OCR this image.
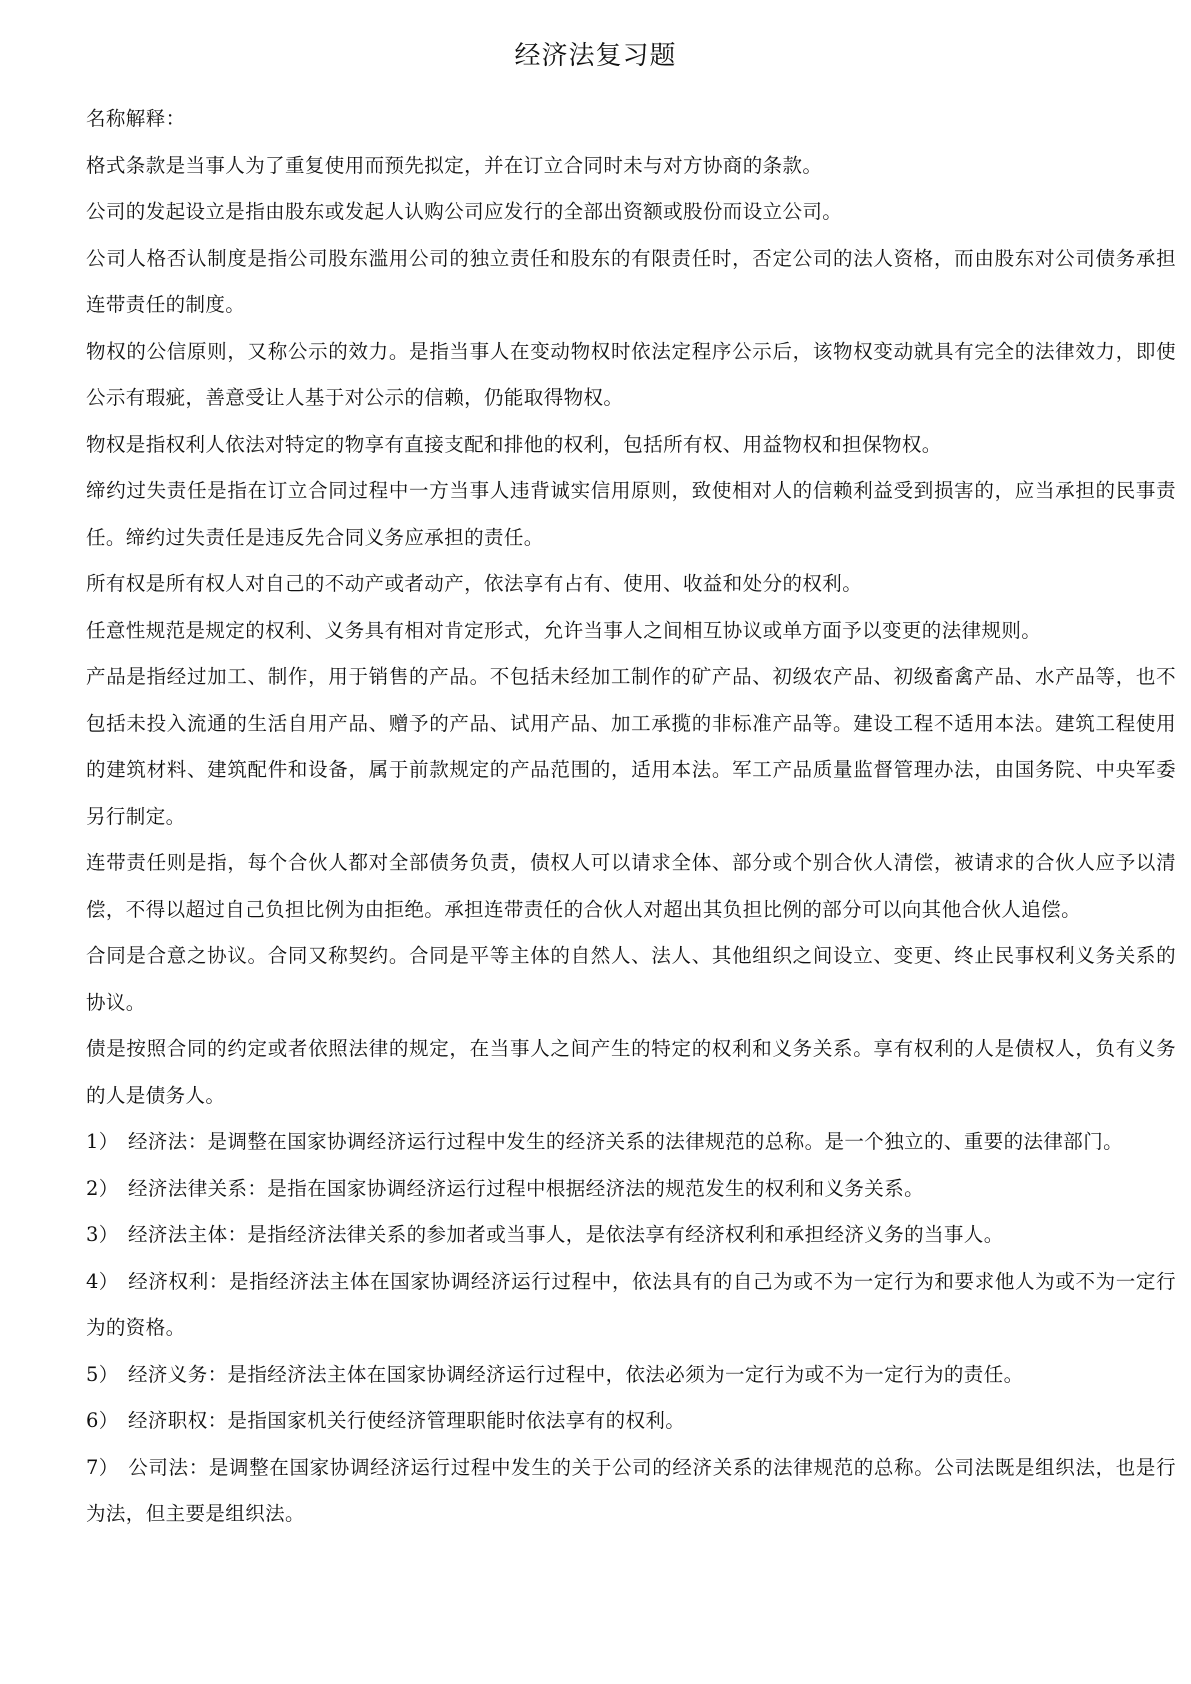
经济法复习题

名称解释：

格式条款是当事人为了重复使用而预先拟定，并在订立合同时未与对方协商的条款。

公司的发起设立是指由股东或发起人认购公司应发行的全部出资额或股份而设立公司。

公司人格否认制度是指公司股东滥用公司的独立责任和股东的有限责任时，否定公司的法人资格，而由股东对公司债务承担连带责任的制度。

物权的公信原则，又称公示的效力。是指当事人在变动物权时依法定程序公示后，该物权变动就具有完全的法律效力，即使公示有瑕疵，善意受让人基于对公示的信赖，仍能取得物权。

物权是指权利人依法对特定的物享有直接支配和排他的权利，包括所有权、用益物权和担保物权。

缔约过失责任是指在订立合同过程中一方当事人违背诚实信用原则，致使相对人的信赖利益受到损害的，应当承担的民事责任。缔约过失责任是违反先合同义务应承担的责任。

所有权是所有权人对自己的不动产或者动产，依法享有占有、使用、收益和处分的权利。

任意性规范是规定的权利、义务具有相对肯定形式，允许当事人之间相互协议或单方面予以变更的法律规则。

产品是指经过加工、制作，用于销售的产品。不包括未经加工制作的矿产品、初级农产品、初级畜禽产品、水产品等，也不包括未投入流通的生活自用产品、赠予的产品、试用产品、加工承揽的非标准产品等。建设工程不适用本法。建筑工程使用的建筑材料、建筑配件和设备，属于前款规定的产品范围的，适用本法。军工产品质量监督管理办法，由国务院、中央军委另行制定。

连带责任则是指，每个合伙人都对全部债务负责，债权人可以请求全体、部分或个别合伙人清偿，被请求的合伙人应予以清偿，不得以超过自己负担比例为由拒绝。承担连带责任的合伙人对超出其负担比例的部分可以向其他合伙人追偿。

合同是合意之协议。合同又称契约。合同是平等主体的自然人、法人、其他组织之间设立、变更、终止民事权利义务关系的协议。

债是按照合同的约定或者依照法律的规定，在当事人之间产生的特定的权利和义务关系。享有权利的人是债权人，负有义务的人是债务人。

1） 经济法：是调整在国家协调经济运行过程中发生的经济关系的法律规范的总称。是一个独立的、重要的法律部门。

2） 经济法律关系：是指在国家协调经济运行过程中根据经济法的规范发生的权利和义务关系。

3） 经济法主体：是指经济法律关系的参加者或当事人，是依法享有经济权利和承担经济义务的当事人。

4） 经济权利：是指经济法主体在国家协调经济运行过程中，依法具有的自己为或不为一定行为和要求他人为或不为一定行为的资格。

5） 经济义务：是指经济法主体在国家协调经济运行过程中，依法必须为一定行为或不为一定行为的责任。

6） 经济职权：是指国家机关行使经济管理职能时依法享有的权利。

7） 公司法：是调整在国家协调经济运行过程中发生的关于公司的经济关系的法律规范的总称。公司法既是组织法，也是行为法，但主要是组织法。
